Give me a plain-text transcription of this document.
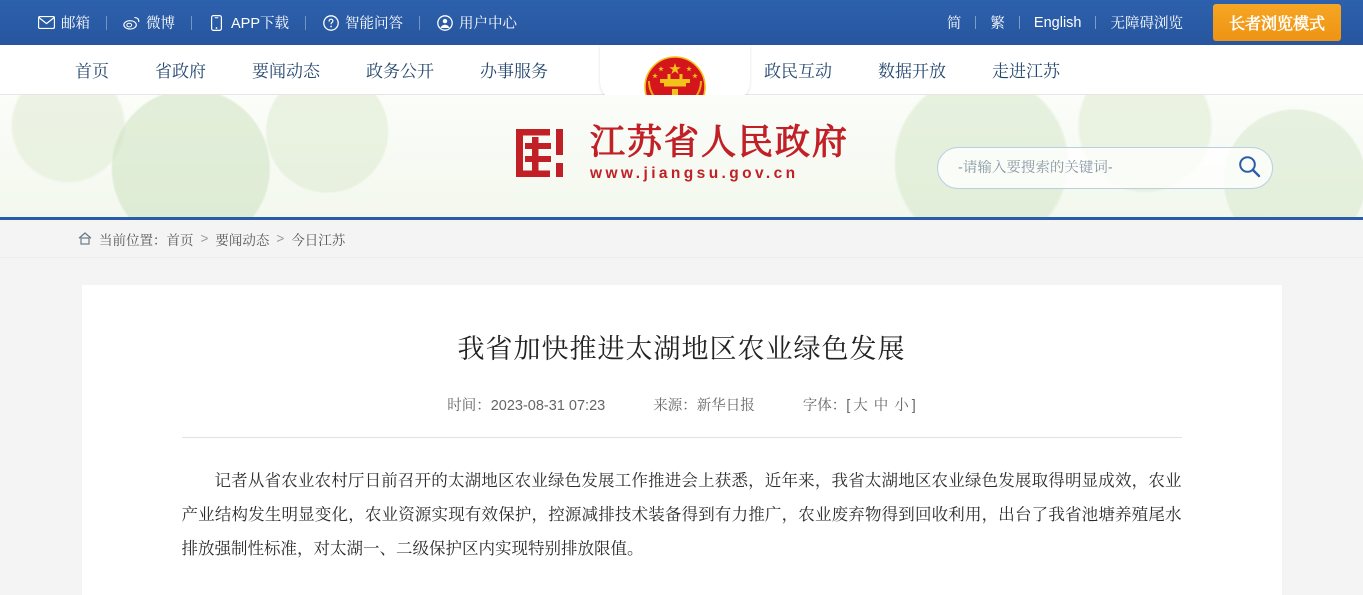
邮箱	微博	APP下载	智能问答	用户中心	简	繁	English	无障碍浏览	长者浏览模式
首页	省政府	要闻动态	政务公开	办事服务	政民互动	数据开放	走进江苏
江苏省人民政府
www.jiangsu.gov.cn
-请输入要搜索的关键词-
当前位置： 首页 > 要闻动态 > 今日江苏
我省加快推进太湖地区农业绿色发展
时间：2023-08-31 07:23	来源：新华日报	字体：[ 大 中 小 ]

记者从省农业农村厅日前召开的太湖地区农业绿色发展工作推进会上获悉，近年来，我省太湖地区农业绿色发展取得明显成效，农业产业结构发生明显变化，农业资源实现有效保护，控源减排技术装备得到有力推广，农业废弃物得到回收利用，出台了我省池塘养殖尾水排放强制性标准，对太湖一、二级保护区内实现特别排放限值。
